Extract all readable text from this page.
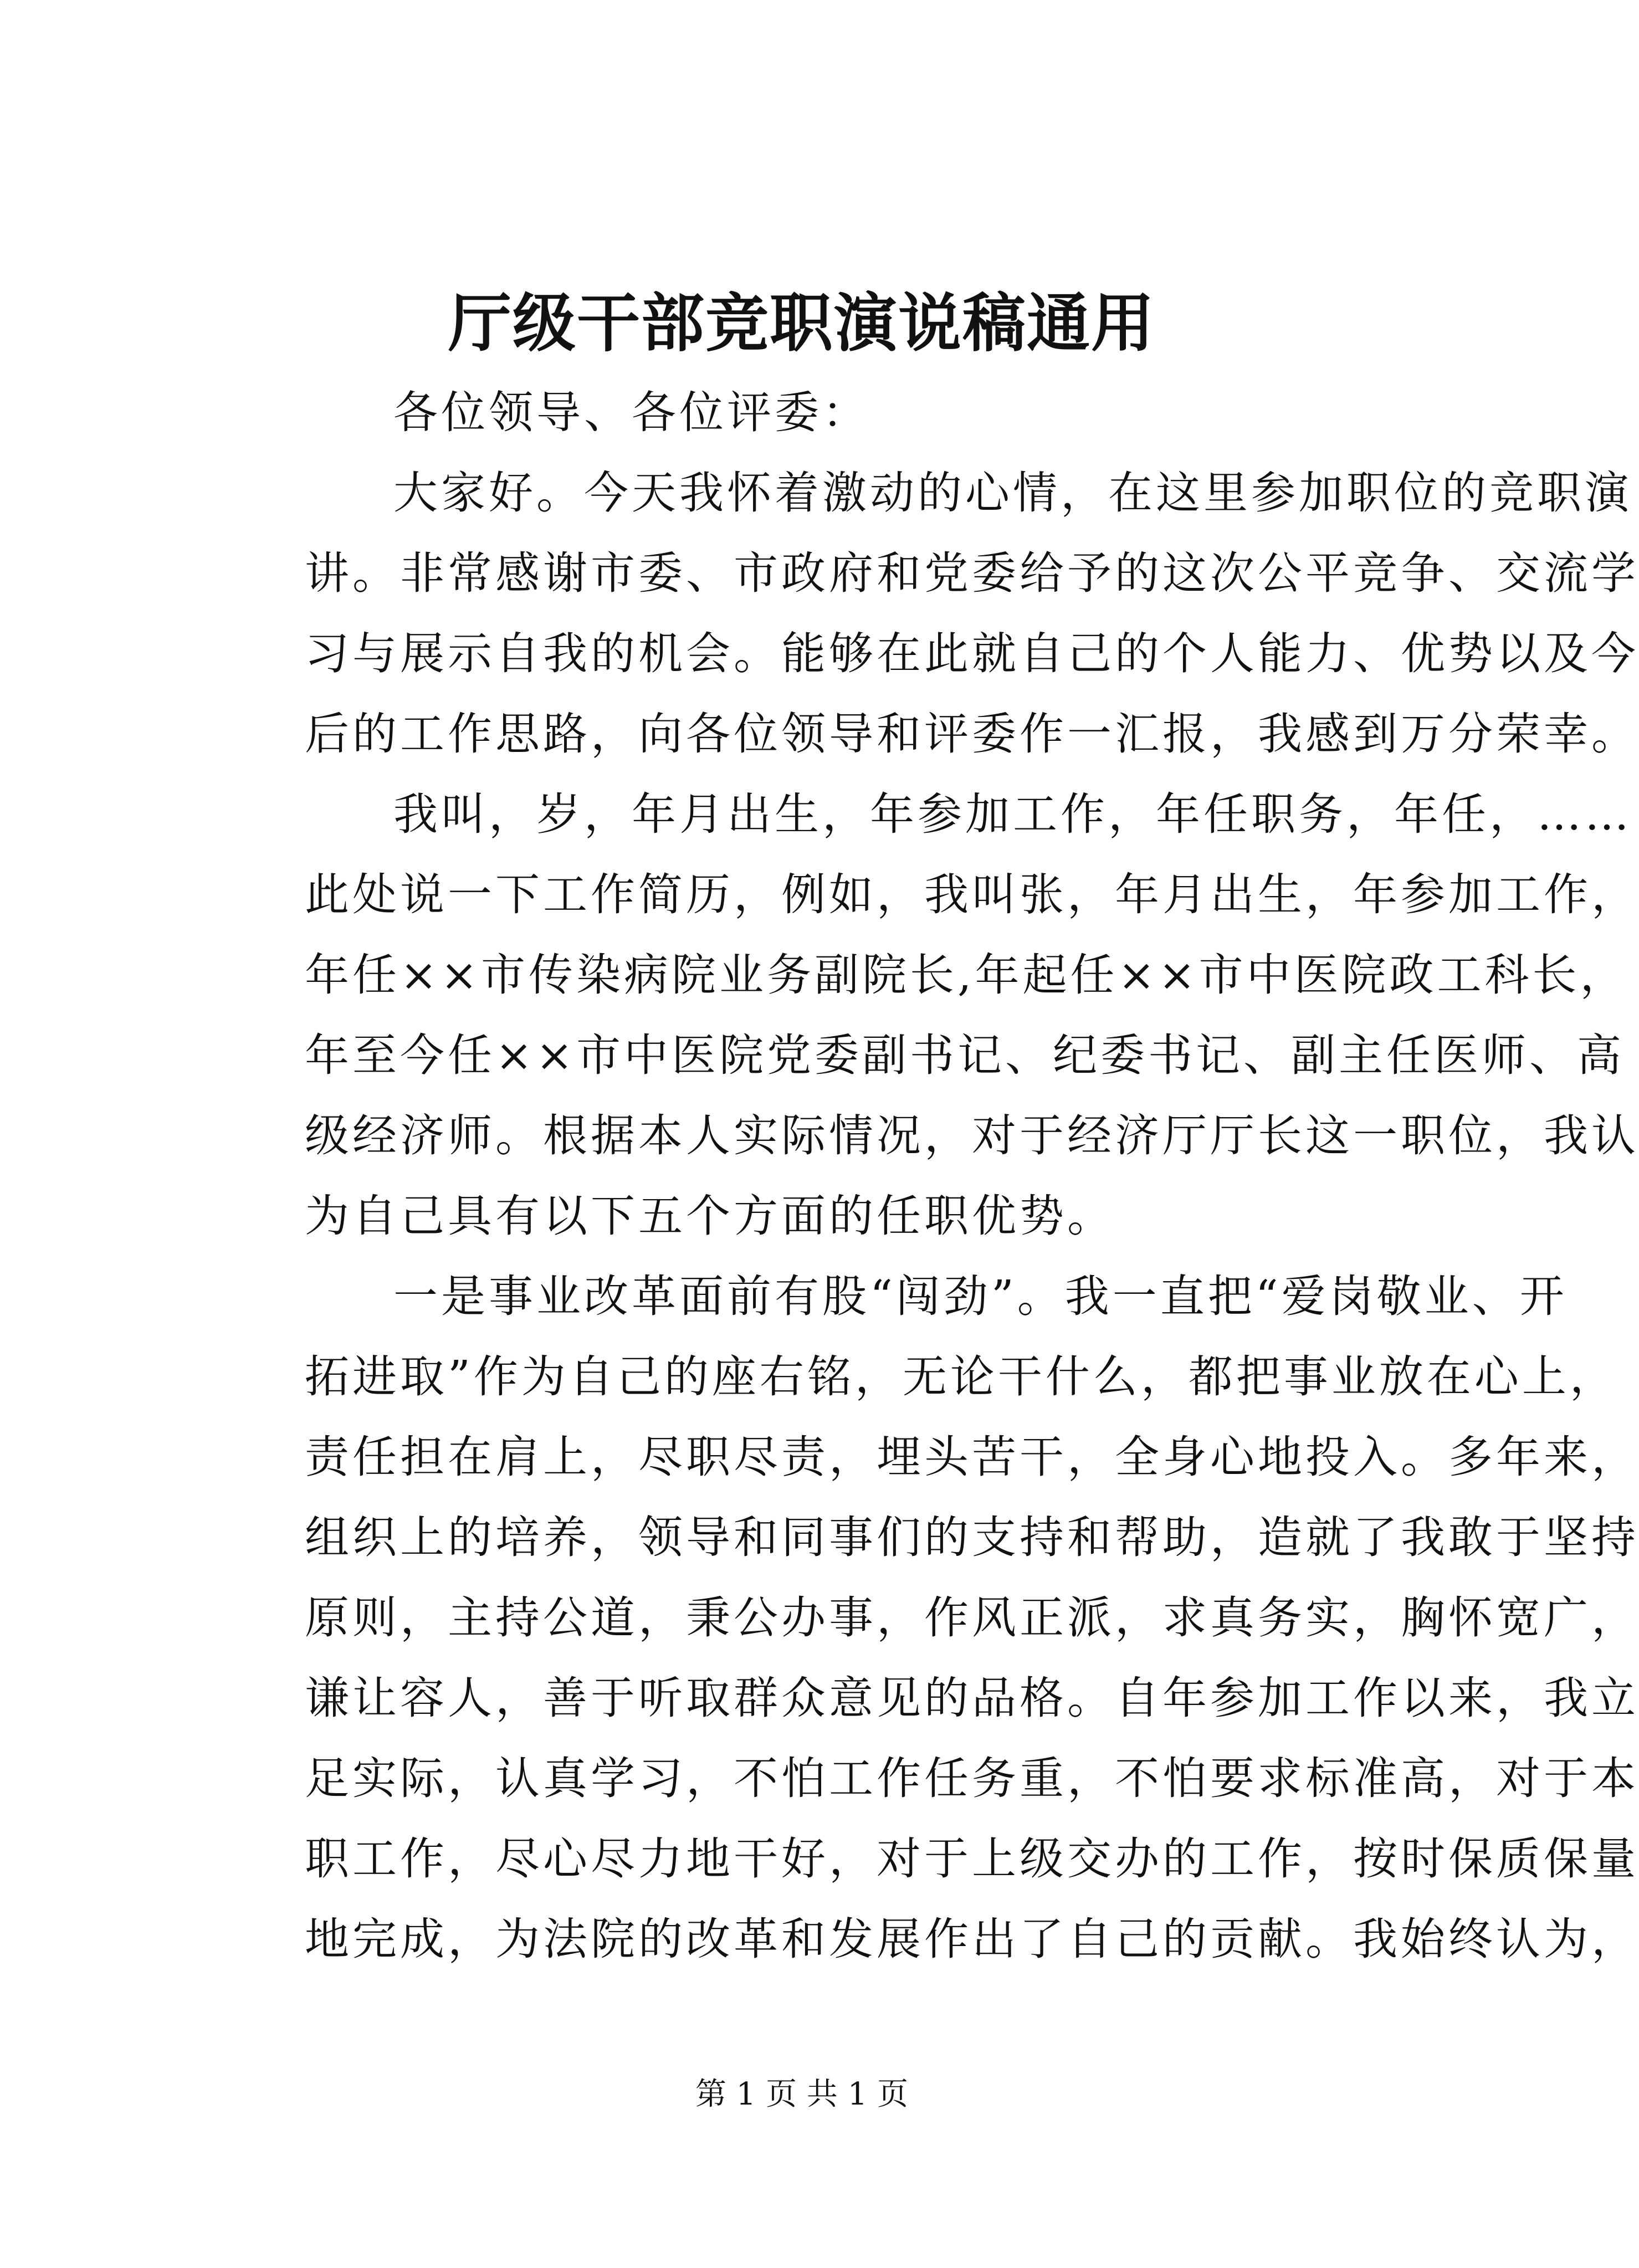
厅级干部竞职演说稿通用
各位领导、各位评委：
大家好。今天我怀着激动的心情，在这里参加职位的竞职演
讲。非常感谢市委、市政府和党委给予的这次公平竞争、交流学
习与展示自我的机会。能够在此就自己的个人能力、优势以及今
后的工作思路，向各位领导和评委作一汇报，我感到万分荣幸。
我叫，岁，年月出生，年参加工作，年任职务，年任，……
此处说一下工作简历，例如，我叫张，年月出生，年参加工作，
年任××市传染病院业务副院长,年起任××市中医院政工科长，
年至今任××市中医院党委副书记、纪委书记、副主任医师、高
级经济师。根据本人实际情况，对于经济厅厅长这一职位，我认
为自己具有以下五个方面的任职优势。
一是事业改革面前有股“闯劲”。我一直把“爱岗敬业、开
拓进取”作为自己的座右铭，无论干什么，都把事业放在心上，
责任担在肩上，尽职尽责，埋头苦干，全身心地投入。多年来，
组织上的培养，领导和同事们的支持和帮助，造就了我敢于坚持
原则，主持公道，秉公办事，作风正派，求真务实，胸怀宽广，
谦让容人，善于听取群众意见的品格。自年参加工作以来，我立
足实际，认真学习，不怕工作任务重，不怕要求标准高，对于本
职工作，尽心尽力地干好，对于上级交办的工作，按时保质保量
地完成，为法院的改革和发展作出了自己的贡献。我始终认为，
第 1 页 共 1 页
